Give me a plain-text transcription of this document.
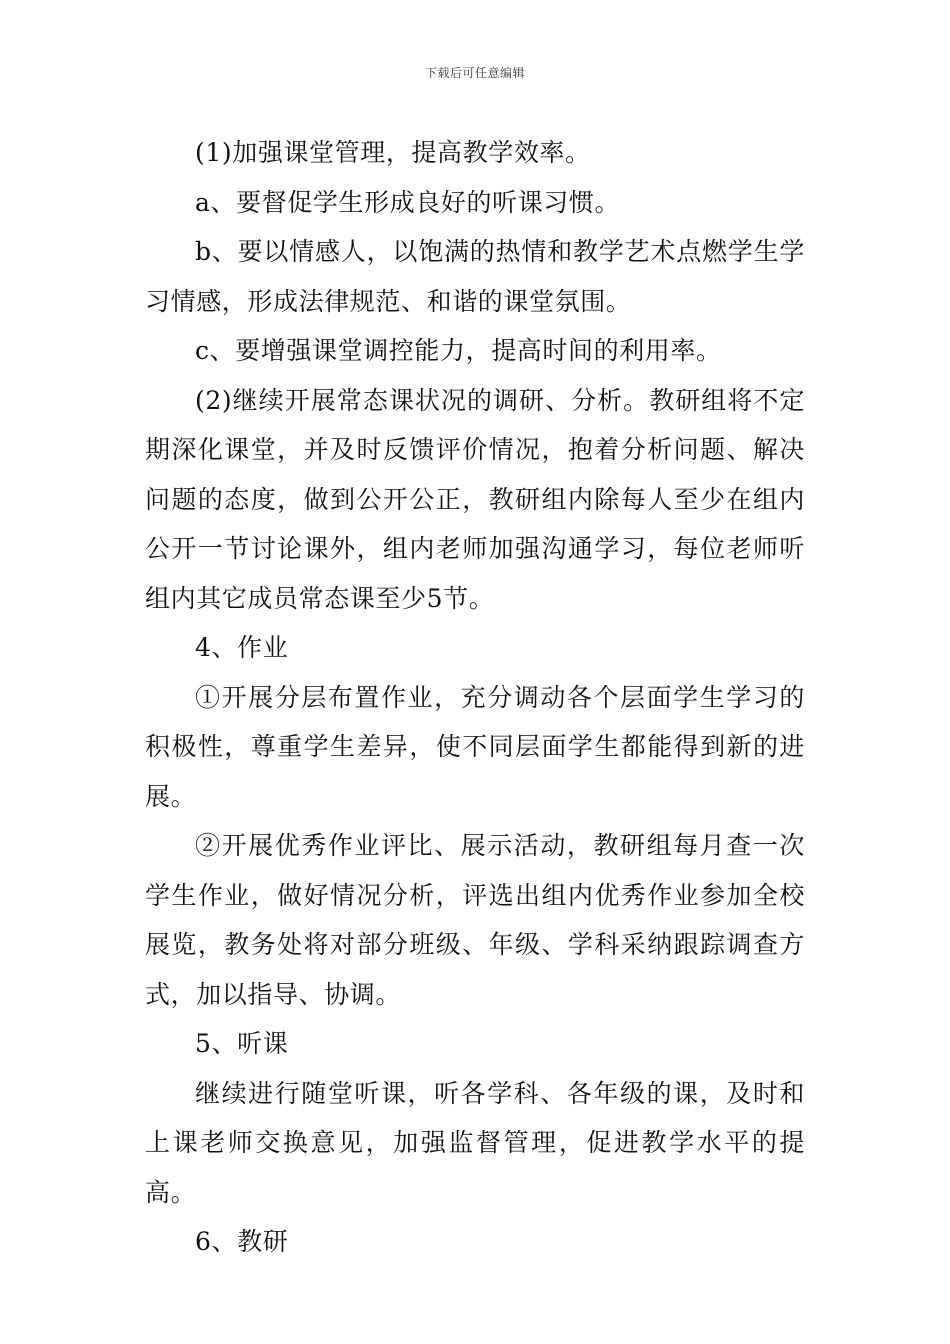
下载后可任意编辑

(1)加强课堂管理，提高教学效率。

a、要督促学生形成良好的听课习惯。

b、要以情感人，以饱满的热情和教学艺术点燃学生学习情感，形成法律规范、和谐的课堂氛围。

c、要增强课堂调控能力，提高时间的利用率。

(2)继续开展常态课状况的调研、分析。教研组将不定期深化课堂，并及时反馈评价情况，抱着分析问题、解决问题的态度，做到公开公正，教研组内除每人至少在组内公开一节讨论课外，组内老师加强沟通学习，每位老师听组内其它成员常态课至少5节。

4、作业

①开展分层布置作业，充分调动各个层面学生学习的积极性，尊重学生差异，使不同层面学生都能得到新的进展。

②开展优秀作业评比、展示活动，教研组每月查一次学生作业，做好情况分析，评选出组内优秀作业参加全校展览，教务处将对部分班级、年级、学科采纳跟踪调查方式，加以指导、协调。

5、听课

继续进行随堂听课，听各学科、各年级的课，及时和上课老师交换意见，加强监督管理，促进教学水平的提高。

6、教研
